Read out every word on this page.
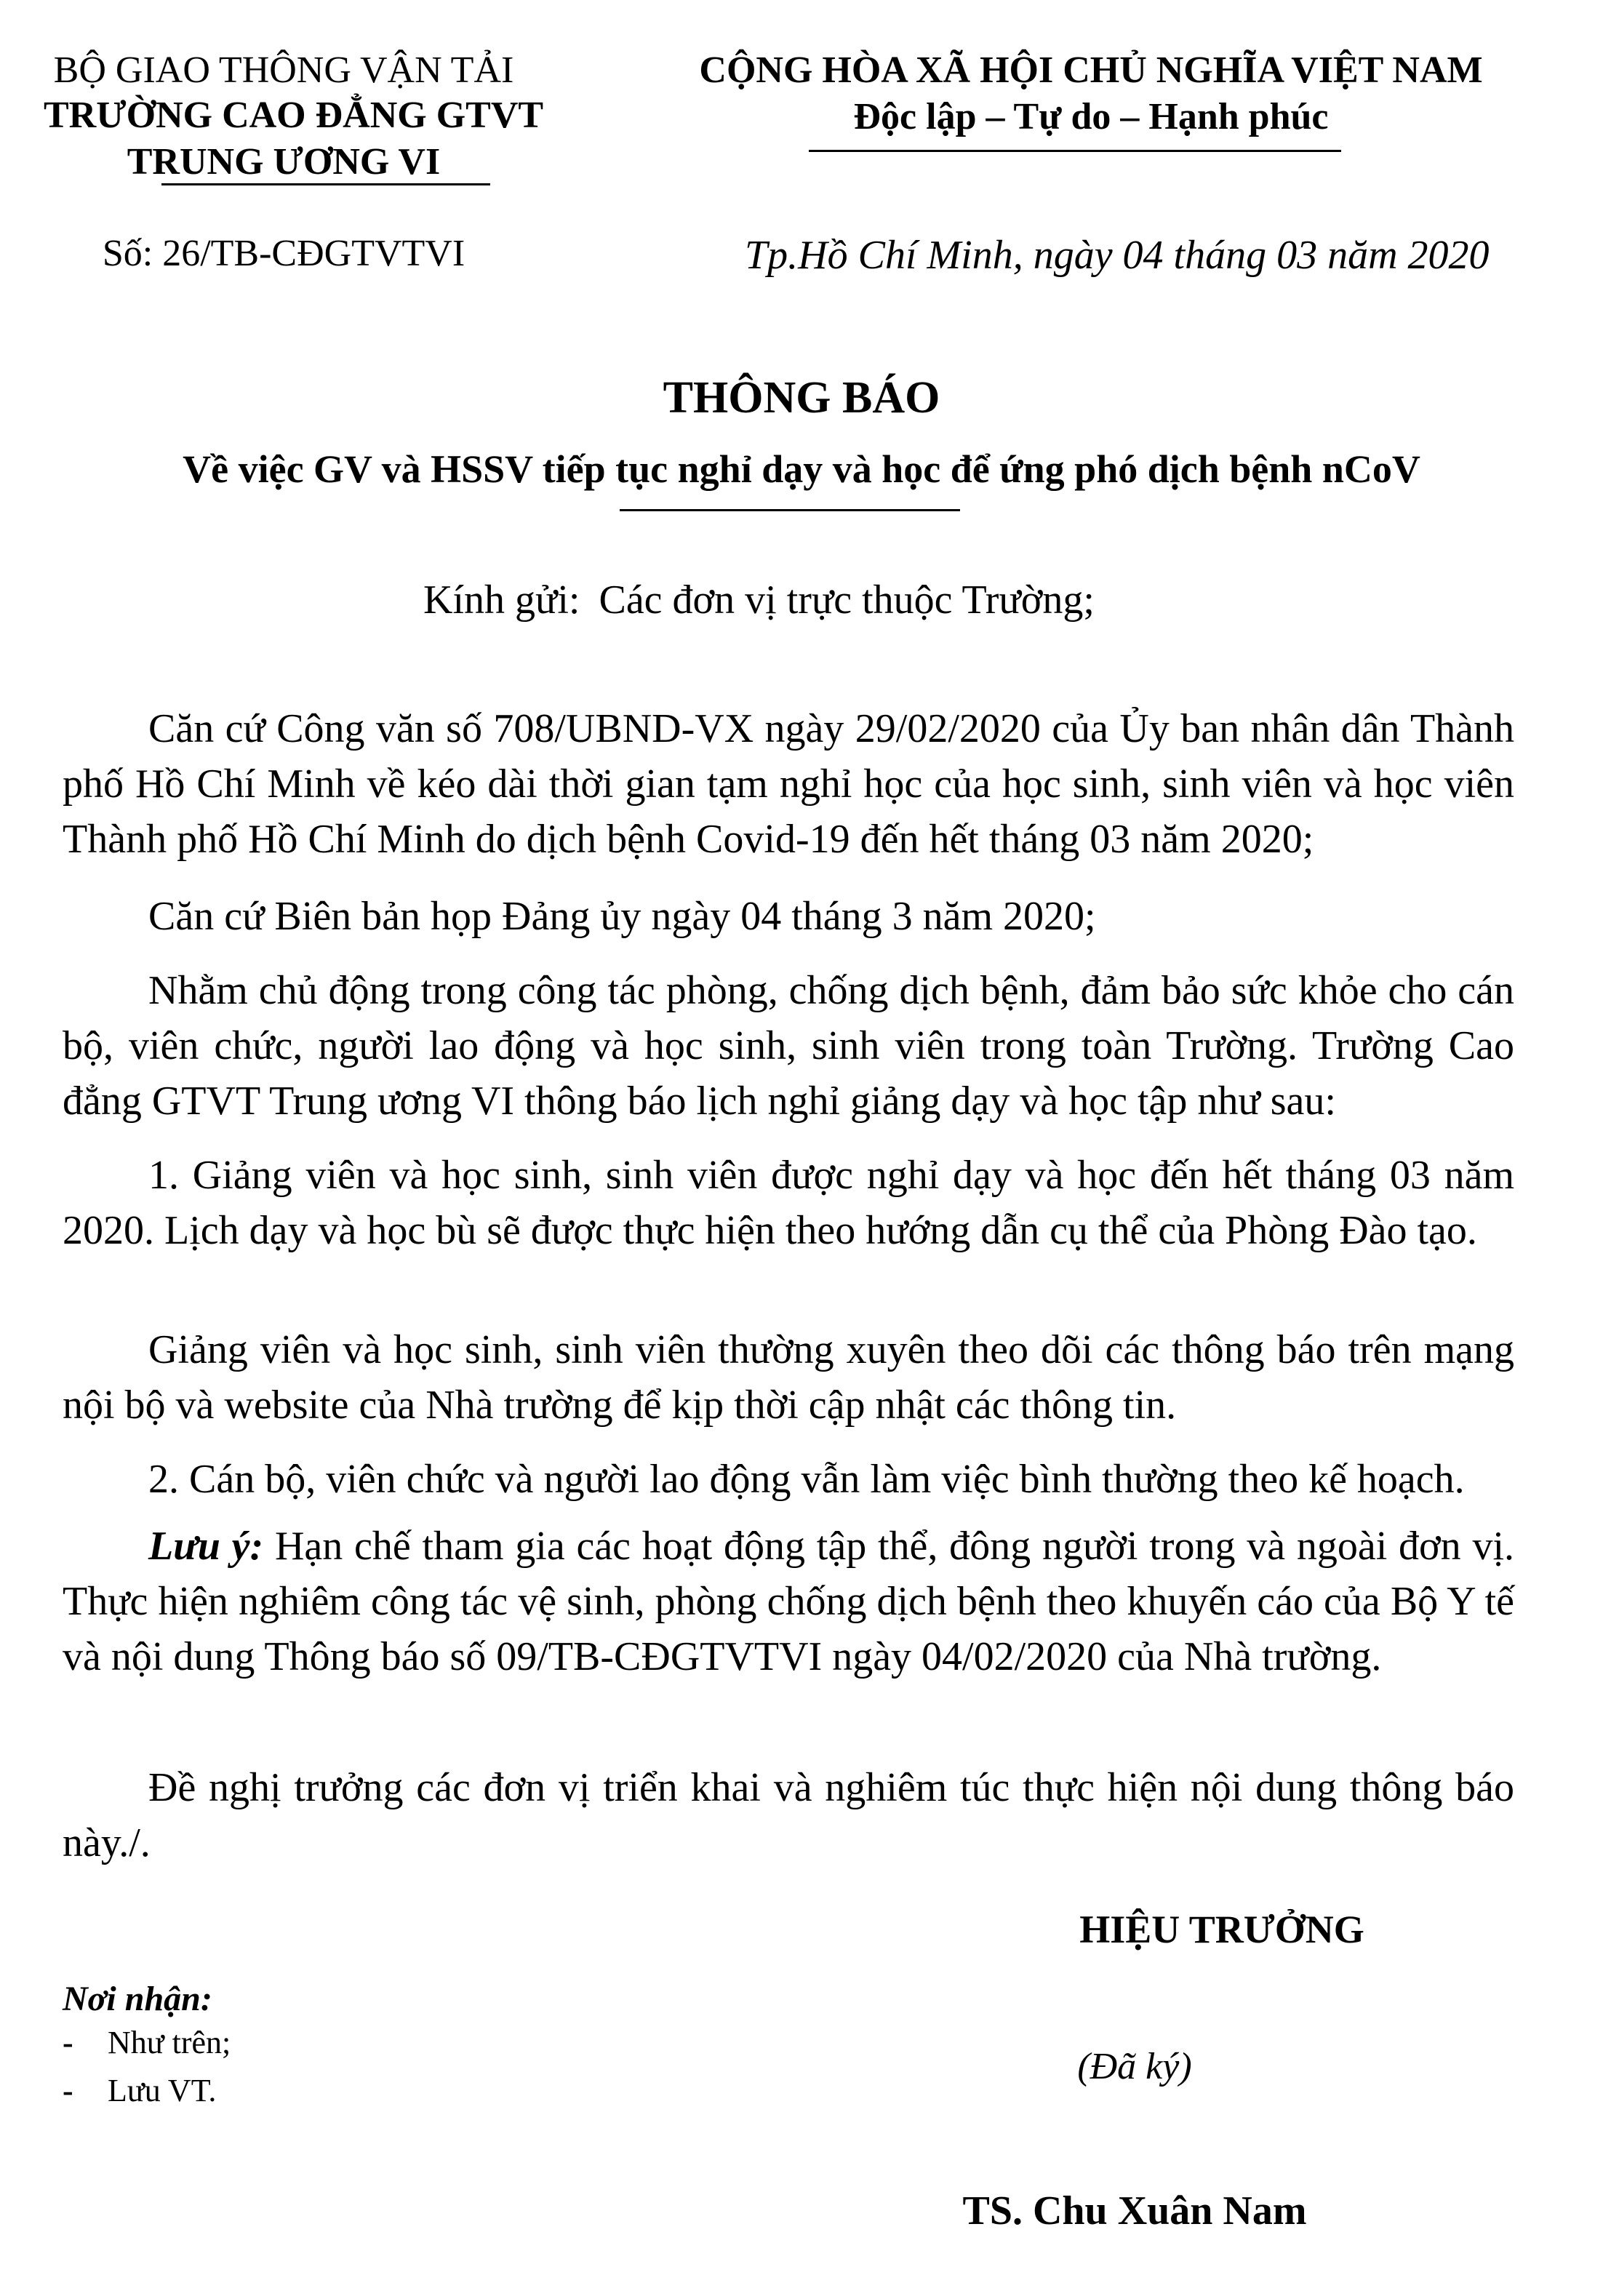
BỘ GIAO THÔNG VẬN TẢI
TRƯỜNG CAO ĐẲNG GTVT
TRUNG ƯƠNG VI
Số: 26/TB-CĐGTVTVI
CỘNG HÒA XÃ HỘI CHỦ NGHĨA VIỆT NAM
Độc lập – Tự do – Hạnh phúc
Tp.Hồ Chí Minh, ngày 04 tháng 03 năm 2020
THÔNG BÁO
Về việc GV và HSSV tiếp tục nghỉ dạy và học để ứng phó dịch bệnh nCoV
Kính gửi: Các đơn vị trực thuộc Trường;

Căn cứ Công văn số 708/UBND-VX ngày 29/02/2020 của Ủy ban nhân dân Thành phố Hồ Chí Minh về kéo dài thời gian tạm nghỉ học của học sinh, sinh viên và học viên Thành phố Hồ Chí Minh do dịch bệnh Covid-19 đến hết tháng 03 năm 2020;

Căn cứ Biên bản họp Đảng ủy ngày 04 tháng 3 năm 2020;

Nhằm chủ động trong công tác phòng, chống dịch bệnh, đảm bảo sức khỏe cho cán bộ, viên chức, người lao động và học sinh, sinh viên trong toàn Trường. Trường Cao đẳng GTVT Trung ương VI thông báo lịch nghỉ giảng dạy và học tập như sau:

1. Giảng viên và học sinh, sinh viên được nghỉ dạy và học đến hết tháng 03 năm 2020. Lịch dạy và học bù sẽ được thực hiện theo hướng dẫn cụ thể của Phòng Đào tạo.

Giảng viên và học sinh, sinh viên thường xuyên theo dõi các thông báo trên mạng nội bộ và website của Nhà trường để kịp thời cập nhật các thông tin.

2. Cán bộ, viên chức và người lao động vẫn làm việc bình thường theo kế hoạch.

Lưu ý: Hạn chế tham gia các hoạt động tập thể, đông người trong và ngoài đơn vị. Thực hiện nghiêm công tác vệ sinh, phòng chống dịch bệnh theo khuyến cáo của Bộ Y tế và nội dung Thông báo số 09/TB-CĐGTVTVI ngày 04/02/2020 của Nhà trường.

Đề nghị trưởng các đơn vị triển khai và nghiêm túc thực hiện nội dung thông báo này./.

HIỆU TRƯỞNG
(Đã ký)
TS. Chu Xuân Nam
Nơi nhận:
- Như trên;
- Lưu VT.
